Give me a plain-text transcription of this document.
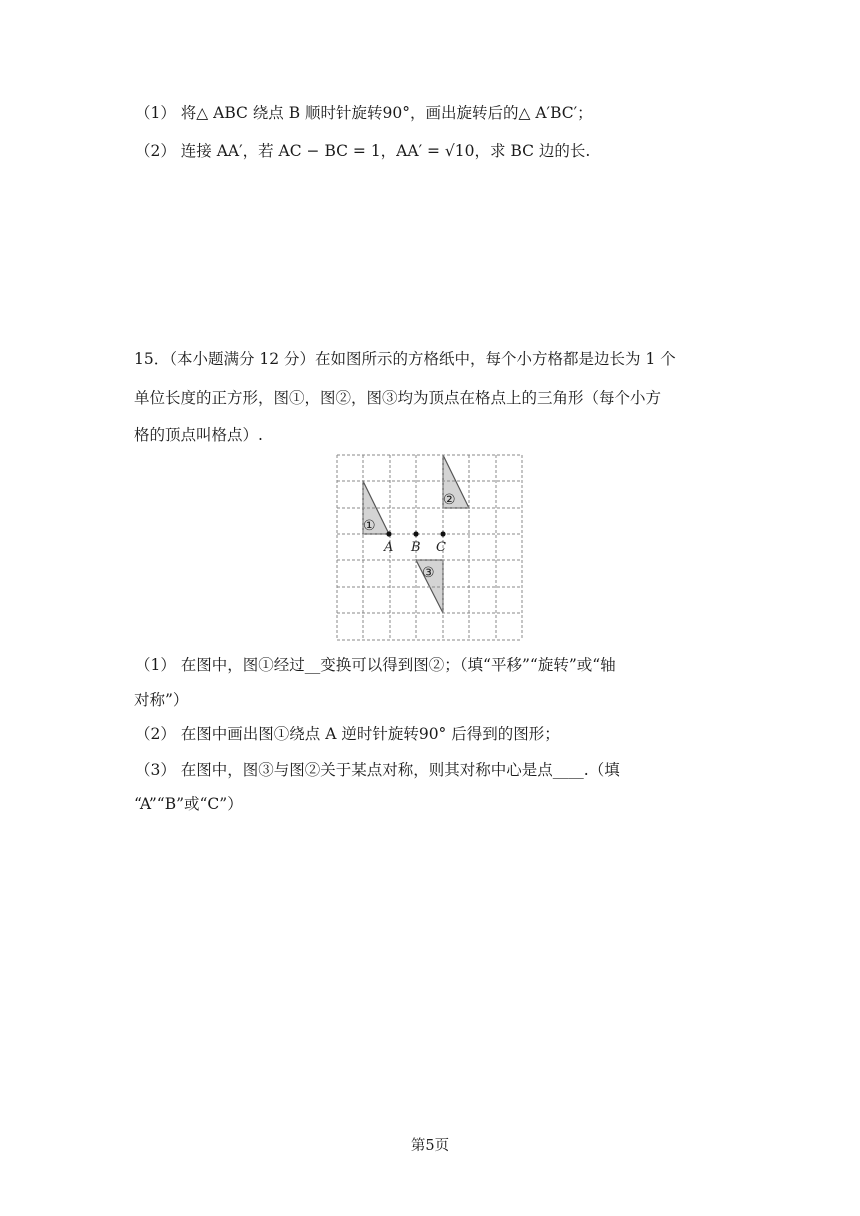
（1） 将△ ABC 绕点 B 顺时针旋转90°，画出旋转后的△ A′BC′；
（2） 连接 AA′，若 AC − BC = 1，AA′ = √10，求 BC 边的长.
15．（本小题满分 12 分）在如图所示的方格纸中，每个小方格都是边长为 1 个
单位长度的正方形，图①，图②，图③均为顶点在格点上的三角形（每个小方
格的顶点叫格点）.
①
②
③
A B C
（1） 在图中，图①经过__变换可以得到图②；（填“平移”“旋转”或“轴
对称”）
（2） 在图中画出图①绕点 A 逆时针旋转90° 后得到的图形；
（3） 在图中，图③与图②关于某点对称，则其对称中心是点____.（填
“A”“B”或“C”）
第5页
